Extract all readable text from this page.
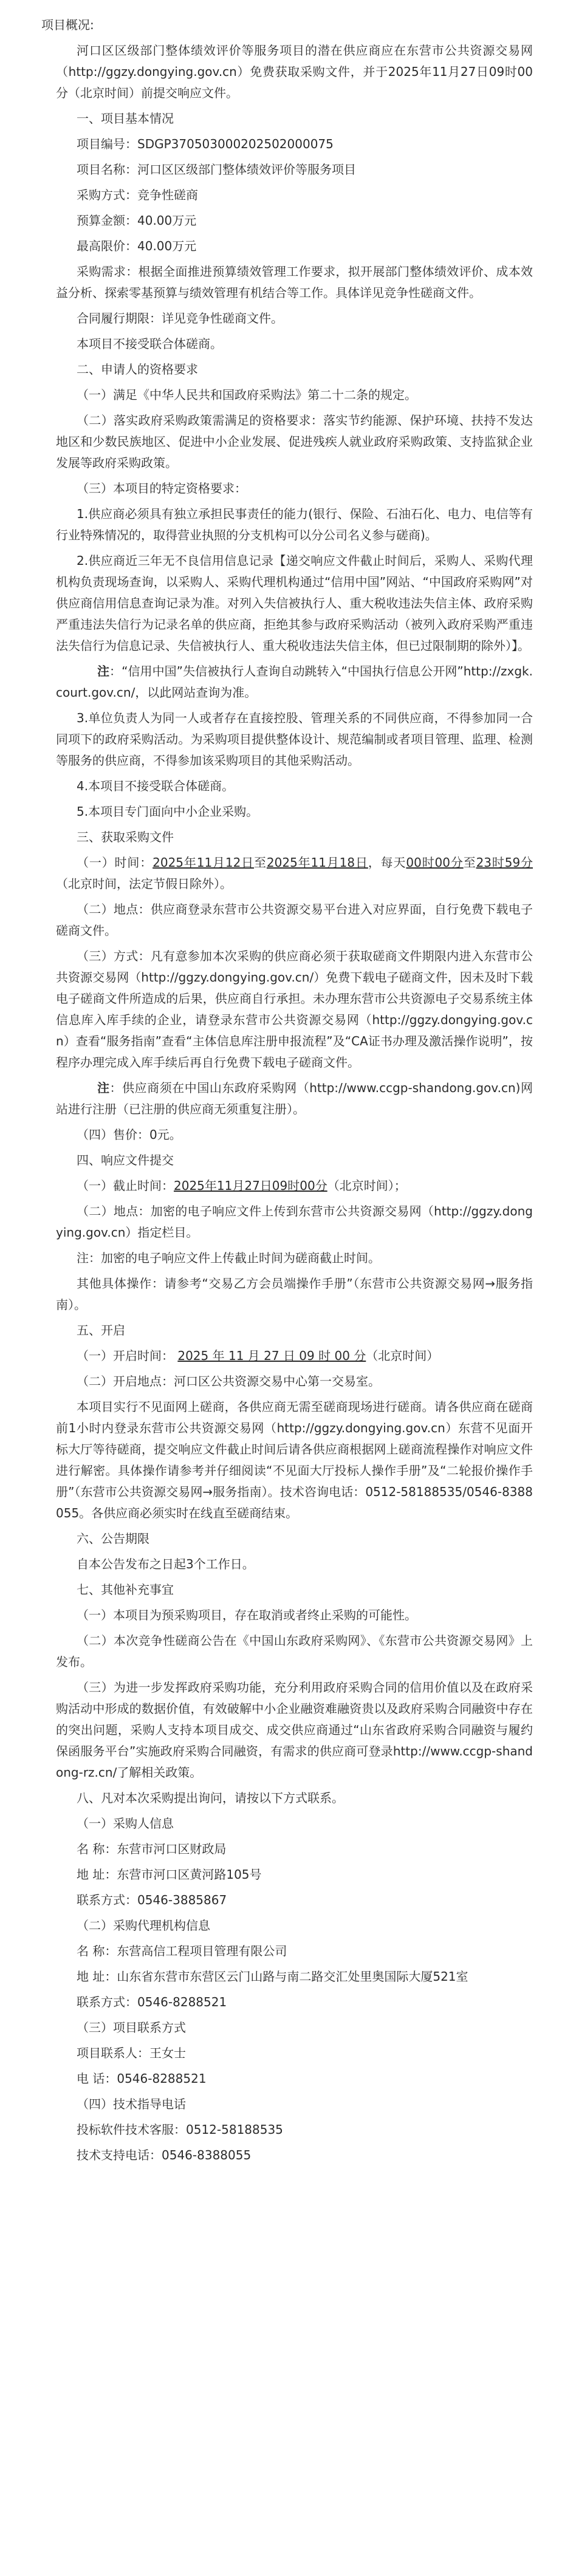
项目概况:

河口区区级部门整体绩效评价等服务项目的潜在供应商应在东营市公共资源交易网（http://ggzy.dongying.gov.cn）免费获取采购文件，并于2025年11月27日09时00分（北京时间）前提交响应文件。

一、项目基本情况

项目编号：SDGP370503000202502000075

项目名称：河口区区级部门整体绩效评价等服务项目

采购方式：竞争性磋商

预算金额：40.00万元

最高限价：40.00万元

采购需求：根据全面推进预算绩效管理工作要求，拟开展部门整体绩效评价、成本效益分析、探索零基预算与绩效管理有机结合等工作。具体详见竞争性磋商文件。

合同履行期限：详见竞争性磋商文件。

本项目不接受联合体磋商。

二、申请人的资格要求

（一）满足《中华人民共和国政府采购法》第二十二条的规定。

（二）落实政府采购政策需满足的资格要求：落实节约能源、保护环境、扶持不发达地区和少数民族地区、促进中小企业发展、促进残疾人就业政府采购政策、支持监狱企业发展等政府采购政策。

（三）本项目的特定资格要求：

1.供应商必须具有独立承担民事责任的能力(银行、保险、石油石化、电力、电信等有行业特殊情况的，取得营业执照的分支机构可以分公司名义参与磋商)。

2.供应商近三年无不良信用信息记录【递交响应文件截止时间后，采购人、采购代理机构负责现场查询，以采购人、采购代理机构通过“信用中国”网站、“中国政府采购网”对供应商信用信息查询记录为准。对列入失信被执行人、重大税收违法失信主体、政府采购严重违法失信行为记录名单的供应商，拒绝其参与政府采购活动（被列入政府采购严重违法失信行为信息记录、失信被执行人、重大税收违法失信主体，但已过限制期的除外）】。

注：“信用中国”失信被执行人查询自动跳转入“中国执行信息公开网”http://zxgk.court.gov.cn/，以此网站查询为准。

3.单位负责人为同一人或者存在直接控股、管理关系的不同供应商，不得参加同一合同项下的政府采购活动。为采购项目提供整体设计、规范编制或者项目管理、监理、检测等服务的供应商，不得参加该采购项目的其他采购活动。

4.本项目不接受联合体磋商。

5.本项目专门面向中小企业采购。

三、获取采购文件

（一）时间：2025年11月12日至2025年11月18日，每天00时00分至23时59分（北京时间，法定节假日除外）。

（二）地点：供应商登录东营市公共资源交易平台进入对应界面，自行免费下载电子磋商文件。

（三）方式：凡有意参加本次采购的供应商必须于获取磋商文件期限内进入东营市公共资源交易网（http://ggzy.dongying.gov.cn/）免费下载电子磋商文件，因未及时下载电子磋商文件所造成的后果，供应商自行承担。未办理东营市公共资源电子交易系统主体信息库入库手续的企业，请登录东营市公共资源交易网（http://ggzy.dongying.gov.cn）查看“服务指南”查看“主体信息库注册申报流程”及“CA证书办理及激活操作说明”，按程序办理完成入库手续后再自行免费下载电子磋商文件。

注：供应商须在中国山东政府采购网（http://www.ccgp-shandong.gov.cn)网站进行注册（已注册的供应商无须重复注册）。

（四）售价：0元。

四、响应文件提交

（一）截止时间：2025年11月27日09时00分（北京时间）；

（二）地点：加密的电子响应文件上传到东营市公共资源交易网（http://ggzy.dongying.gov.cn）指定栏目。

注：加密的电子响应文件上传截止时间为磋商截止时间。

其他具体操作：请参考“交易乙方会员端操作手册”（东营市公共资源交易网→服务指南）。

五、开启

（一）开启时间： 2025 年 11 月 27 日 09 时 00 分（北京时间）

（二）开启地点：河口区公共资源交易中心第一交易室。

本项目实行不见面网上磋商，各供应商无需至磋商现场进行磋商。请各供应商在磋商前1小时内登录东营市公共资源交易网（http://ggzy.dongying.gov.cn）东营不见面开标大厅等待磋商，提交响应文件截止时间后请各供应商根据网上磋商流程操作对响应文件进行解密。具体操作请参考并仔细阅读“不见面大厅投标人操作手册”及“二轮报价操作手册”（东营市公共资源交易网→服务指南）。技术咨询电话：0512-58188535/0546-8388055。各供应商必须实时在线直至磋商结束。

六、公告期限

自本公告发布之日起3个工作日。

七、其他补充事宜

（一）本项目为预采购项目，存在取消或者终止采购的可能性。

（二）本次竞争性磋商公告在《中国山东政府采购网》、《东营市公共资源交易网》上发布。

（三）为进一步发挥政府采购功能，充分利用政府采购合同的信用价值以及在政府采购活动中形成的数据价值，有效破解中小企业融资难融资贵以及政府采购合同融资中存在的突出问题，采购人支持本项目成交、成交供应商通过“山东省政府采购合同融资与履约保函服务平台”实施政府采购合同融资，有需求的供应商可登录http://www.ccgp-shandong-rz.cn/了解相关政策。

八、凡对本次采购提出询问，请按以下方式联系。

（一）采购人信息

名 称：东营市河口区财政局

地 址：东营市河口区黄河路105号

联系方式：0546-3885867

（二）采购代理机构信息

名 称：东营高信工程项目管理有限公司

地 址：山东省东营市东营区云门山路与南二路交汇处里奥国际大厦521室

联系方式：0546-8288521

（三）项目联系方式

项目联系人：王女士

电 话：0546-8288521

（四）技术指导电话

投标软件技术客服：0512-58188535

技术支持电话：0546-8388055
